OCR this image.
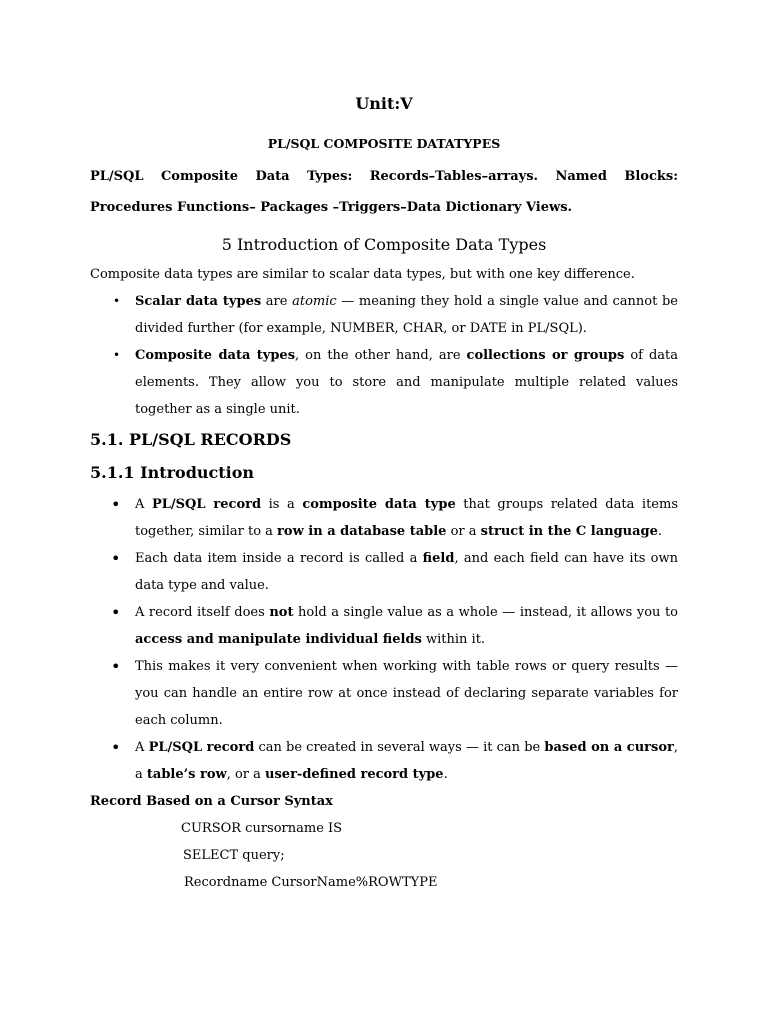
Unit:V
PL/SQL COMPOSITE DATATYPES

PL/SQL Composite Data Types: Records–Tables–arrays. Named Blocks: Procedures Functions– Packages –Triggers–Data Dictionary Views.

5 Introduction of Composite Data Types

Composite data types are similar to scalar data types, but with one key difference.

• Scalar data types are atomic — meaning they hold a single value and cannot be divided further (for example, NUMBER, CHAR, or DATE in PL/SQL).
• Composite data types, on the other hand, are collections or groups of data elements. They allow you to store and manipulate multiple related values together as a single unit.
5.1. PL/SQL RECORDS
5.1.1 Introduction
• A PL/SQL record is a composite data type that groups related data items together, similar to a row in a database table or a struct in the C language.
• Each data item inside a record is called a field, and each field can have its own data type and value.
• A record itself does not hold a single value as a whole — instead, it allows you to access and manipulate individual fields within it.
• This makes it very convenient when working with table rows or query results — you can handle an entire row at once instead of declaring separate variables for each column.
• A PL/SQL record can be created in several ways — it can be based on a cursor, a table’s row, or a user-defined record type.
Record Based on a Cursor Syntax
CURSOR cursorname IS
SELECT query;
Recordname CursorName%ROWTYPE
